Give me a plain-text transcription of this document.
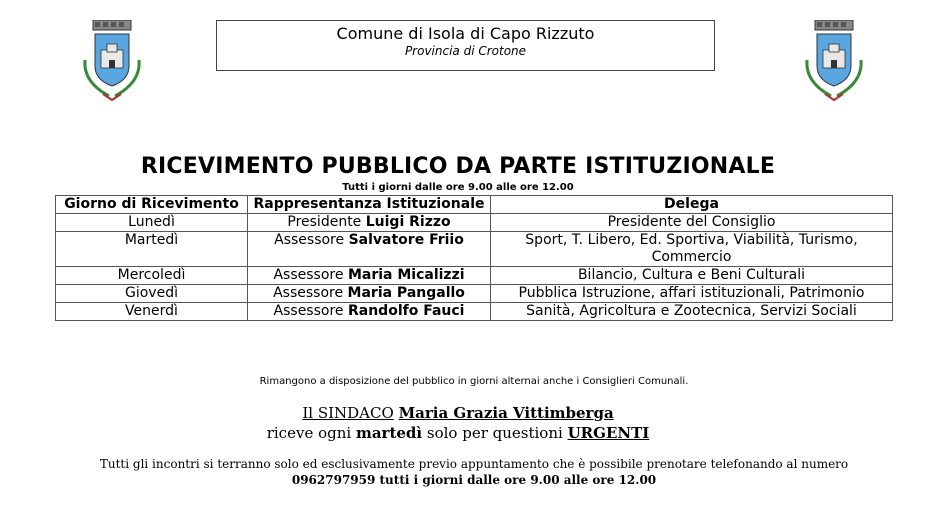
Comune di Isola di Capo Rizzuto
Provincia di Crotone
RICEVIMENTO PUBBLICO DA PARTE ISTITUZIONALE
Tutti i giorni dalle ore 9.00 alle ore 12.00
Giorno di Ricevimento	Rappresentanza Istituzionale	Delega
Lunedì	Presidente Luigi Rizzo	Presidente del Consiglio
Martedì	Assessore Salvatore Friio	Sport, T. Libero, Ed. Sportiva, Viabilità, Turismo, Commercio
Mercoledì	Assessore Maria Micalizzi	Bilancio, Cultura e Beni Culturali
Giovedì	Assessore Maria Pangallo	Pubblica Istruzione, affari istituzionali, Patrimonio
Venerdì	Assessore Randolfo Fauci	Sanità, Agricoltura e Zootecnica, Servizi Sociali
Rimangono a disposizione del pubblico in giorni alternai anche i Consiglieri Comunali.
Il SINDACO Maria Grazia Vittimberga
riceve ogni martedì solo per questioni URGENTI
Tutti gli incontri si terranno solo ed esclusivamente previo appuntamento che è possibile prenotare telefonando al numero
0962797959 tutti i giorni dalle ore 9.00 alle ore 12.00
